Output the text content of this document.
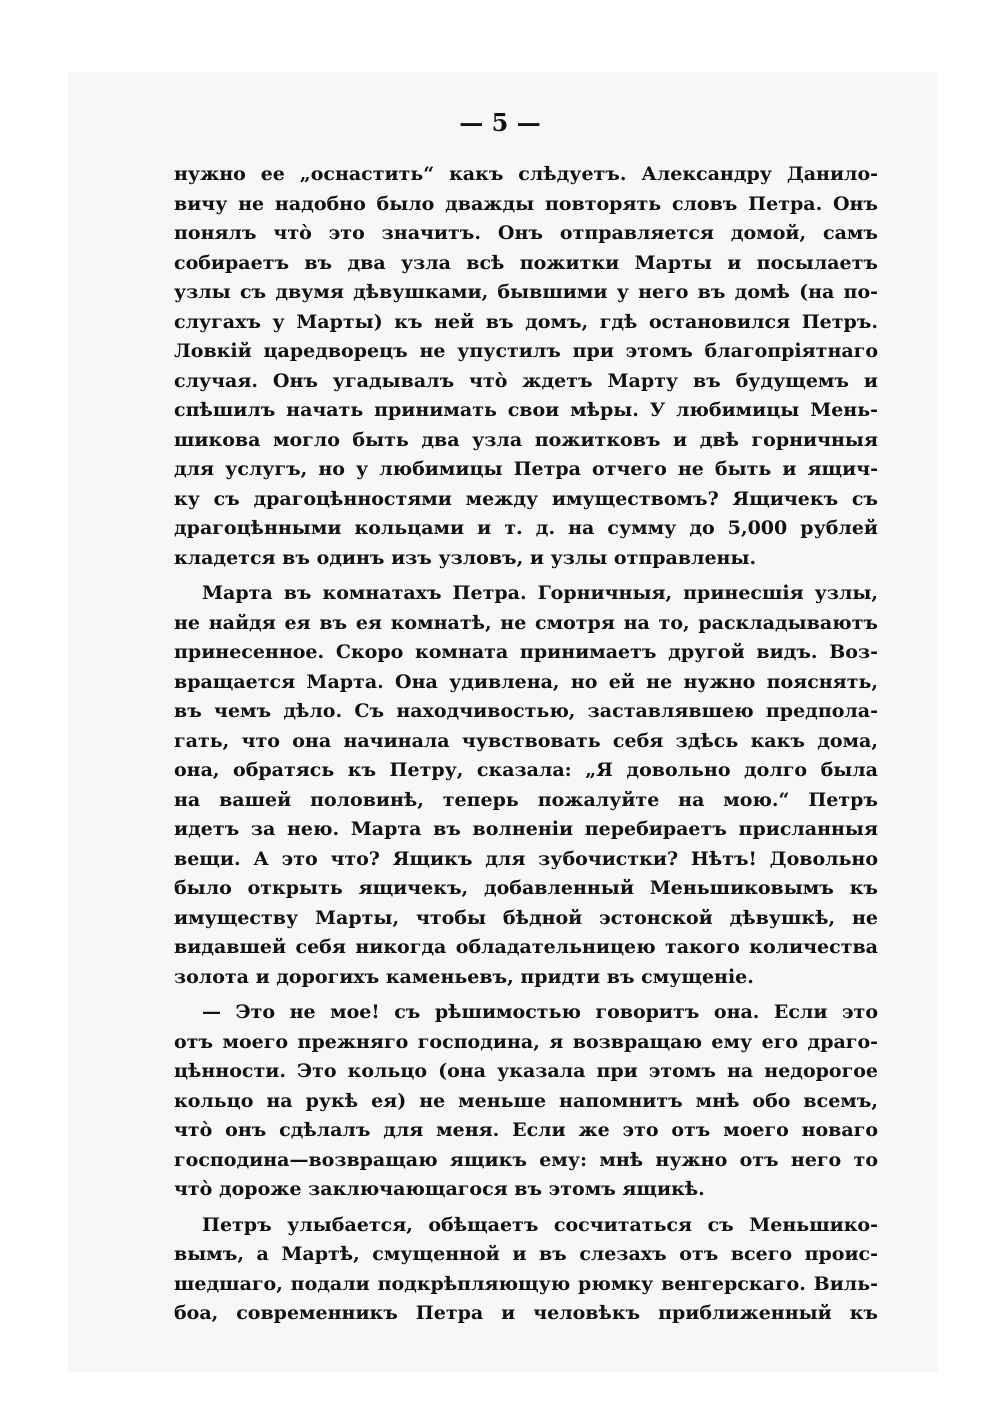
— 5 —
нужно ее „оснастить“ какъ слѣдуетъ. Александру Данило-
вичу не надобно было дважды повторять словъ Петра. Онъ
понялъ что̀ это значитъ. Онъ отправляется домой, самъ
собираетъ въ два узла всѣ пожитки Марты и посылаетъ
узлы съ двумя дѣвушками, бывшими у него въ домѣ (на по-
слугахъ у Марты) къ ней въ домъ, гдѣ остановился Петръ.
Ловкій царедворецъ не упустилъ при этомъ благопріятнаго
случая. Онъ угадывалъ что̀ ждетъ Марту въ будущемъ и
спѣшилъ начать принимать свои мѣры. У любимицы Мень-
шикова могло быть два узла пожитковъ и двѣ горничныя
для услугъ, но у любимицы Петра отчего не быть и ящич-
ку съ драгоцѣнностями между имуществомъ? Ящичекъ съ
драгоцѣнными кольцами и т. д. на сумму до 5,000 рублей
кладется въ одинъ изъ узловъ, и узлы отправлены.
Марта въ комнатахъ Петра. Горничныя, принесшія узлы,
не найдя ея въ ея комнатѣ, не смотря на то, раскладываютъ
принесенное. Скоро комната принимаетъ другой видъ. Воз-
вращается Марта. Она удивлена, но ей не нужно пояснять,
въ чемъ дѣло. Съ находчивостью, заставлявшею предпола-
гать, что она начинала чувствовать себя здѣсь какъ дома,
она, обратясь къ Петру, сказала: „Я довольно долго была
на вашей половинѣ, теперь пожалуйте на мою.“ Петръ
идетъ за нею. Марта въ волненіи перебираетъ присланныя
вещи. А это что? Ящикъ для зубочистки? Нѣтъ! Довольно
было открыть ящичекъ, добавленный Меньшиковымъ къ
имуществу Марты, чтобы бѣдной эстонской дѣвушкѣ, не
видавшей себя никогда обладательницею такого количества
золота и дорогихъ каменьевъ, придти въ смущеніе.
— Это не мое! съ рѣшимостью говоритъ она. Если это
отъ моего прежняго господина, я возвращаю ему его драго-
цѣнности. Это кольцо (она указала при этомъ на недорогое
кольцо на рукѣ ея) не меньше напомнитъ мнѣ обо всемъ,
что̀ онъ сдѣлалъ для меня. Если же это отъ моего новаго
господина—возвращаю ящикъ ему: мнѣ нужно отъ него то
что̀ дороже заключающагося въ этомъ ящикѣ.
Петръ улыбается, обѣщаетъ сосчитаться съ Меньшико-
вымъ, а Мартѣ, смущенной и въ слезахъ отъ всего проис-
шедшаго, подали подкрѣпляющую рюмку венгерскаго. Виль-
боа, современникъ Петра и человѣкъ приближенный къ
